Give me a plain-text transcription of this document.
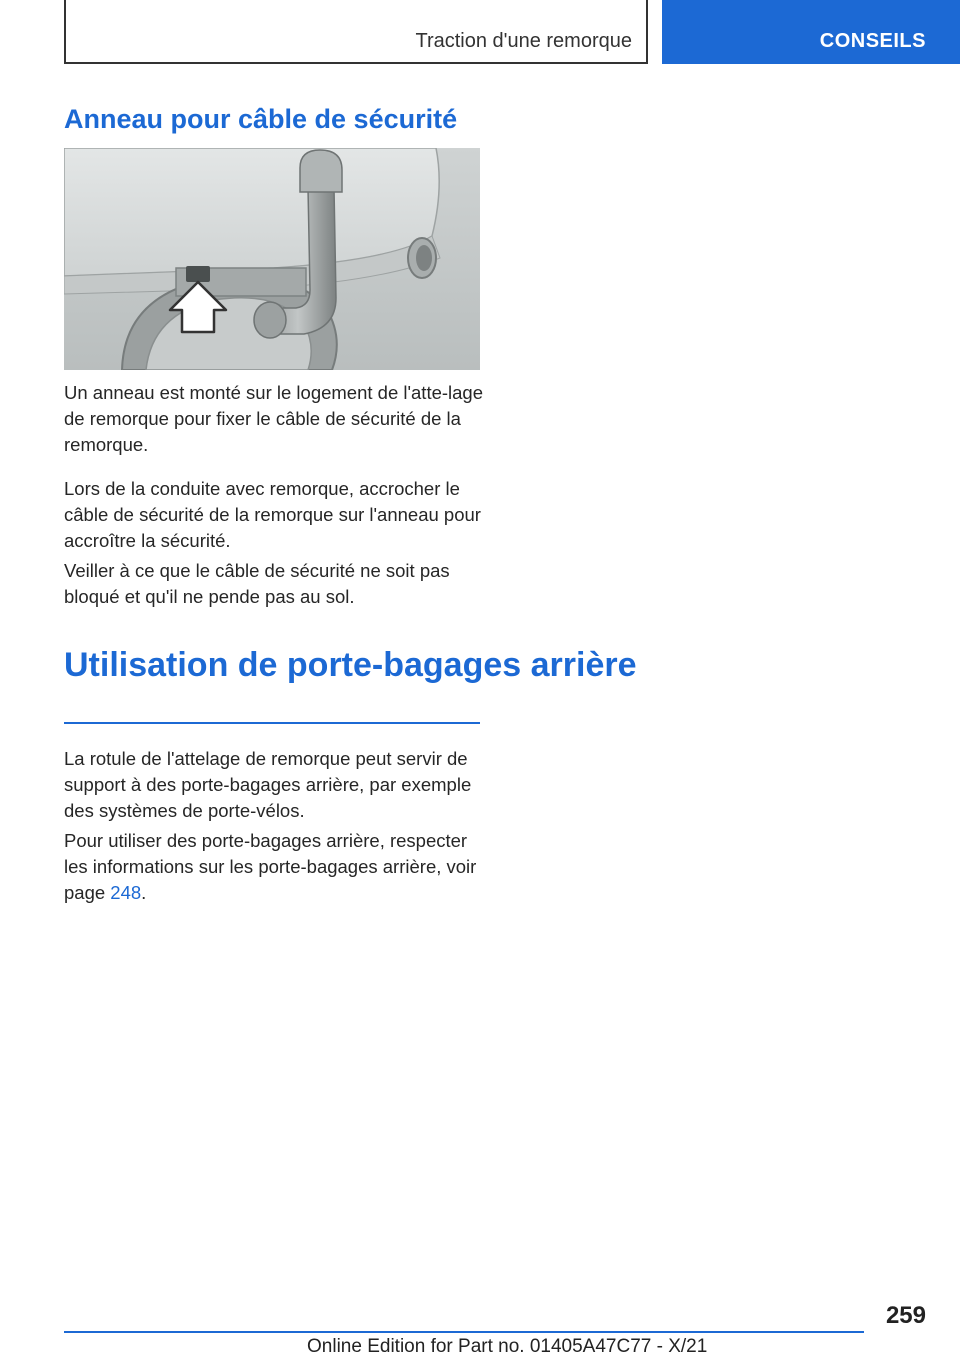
Traction d'une remorque	CONSEILS
Anneau pour câble de sécurité

Un anneau est monté sur le logement de l'atte-lage de remorque pour fixer le câble de sécurité de la remorque.

Lors de la conduite avec remorque, accrocher le câble de sécurité de la remorque sur l'anneau pour accroître la sécurité.

Veiller à ce que le câble de sécurité ne soit pas bloqué et qu'il ne pende pas au sol.

Utilisation de porte-bagages arrière

La rotule de l'attelage de remorque peut servir de support à des porte-bagages arrière, par exemple des systèmes de porte-vélos.

Pour utiliser des porte-bagages arrière, respecter les informations sur les porte-bagages arrière, voir page 248.

259
Online Edition for Part no. 01405A47C77 - X/21
